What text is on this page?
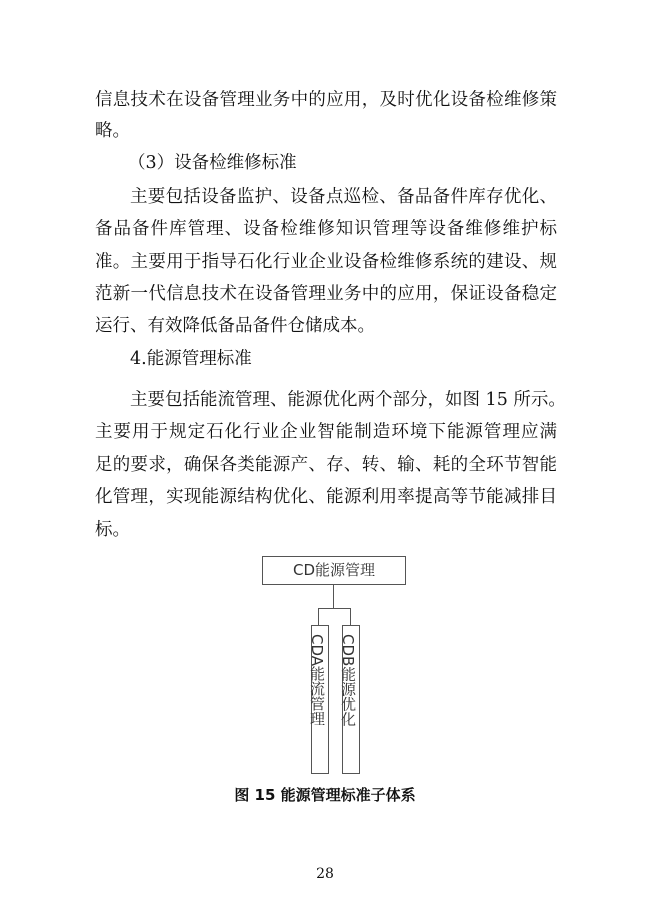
信息技术在设备管理业务中的应用，及时优化设备检维修策
略。
（3）设备检维修标准
主要包括设备监护、设备点巡检、备品备件库存优化、
备品备件库管理、设备检维修知识管理等设备维修维护标
准。主要用于指导石化行业企业设备检维修系统的建设、规
范新一代信息技术在设备管理业务中的应用，保证设备稳定
运行、有效降低备品备件仓储成本。
4.能源管理标准
主要包括能流管理、能源优化两个部分，如图 15 所示。
主要用于规定石化行业企业智能制造环境下能源管理应满
足的要求，确保各类能源产、存、转、输、耗的全环节智能
化管理，实现能源结构优化、能源利用率提高等节能减排目
标。
CD能源管理
CDA能流管理 CDB能源优化
图 15 能源管理标准子体系
28
